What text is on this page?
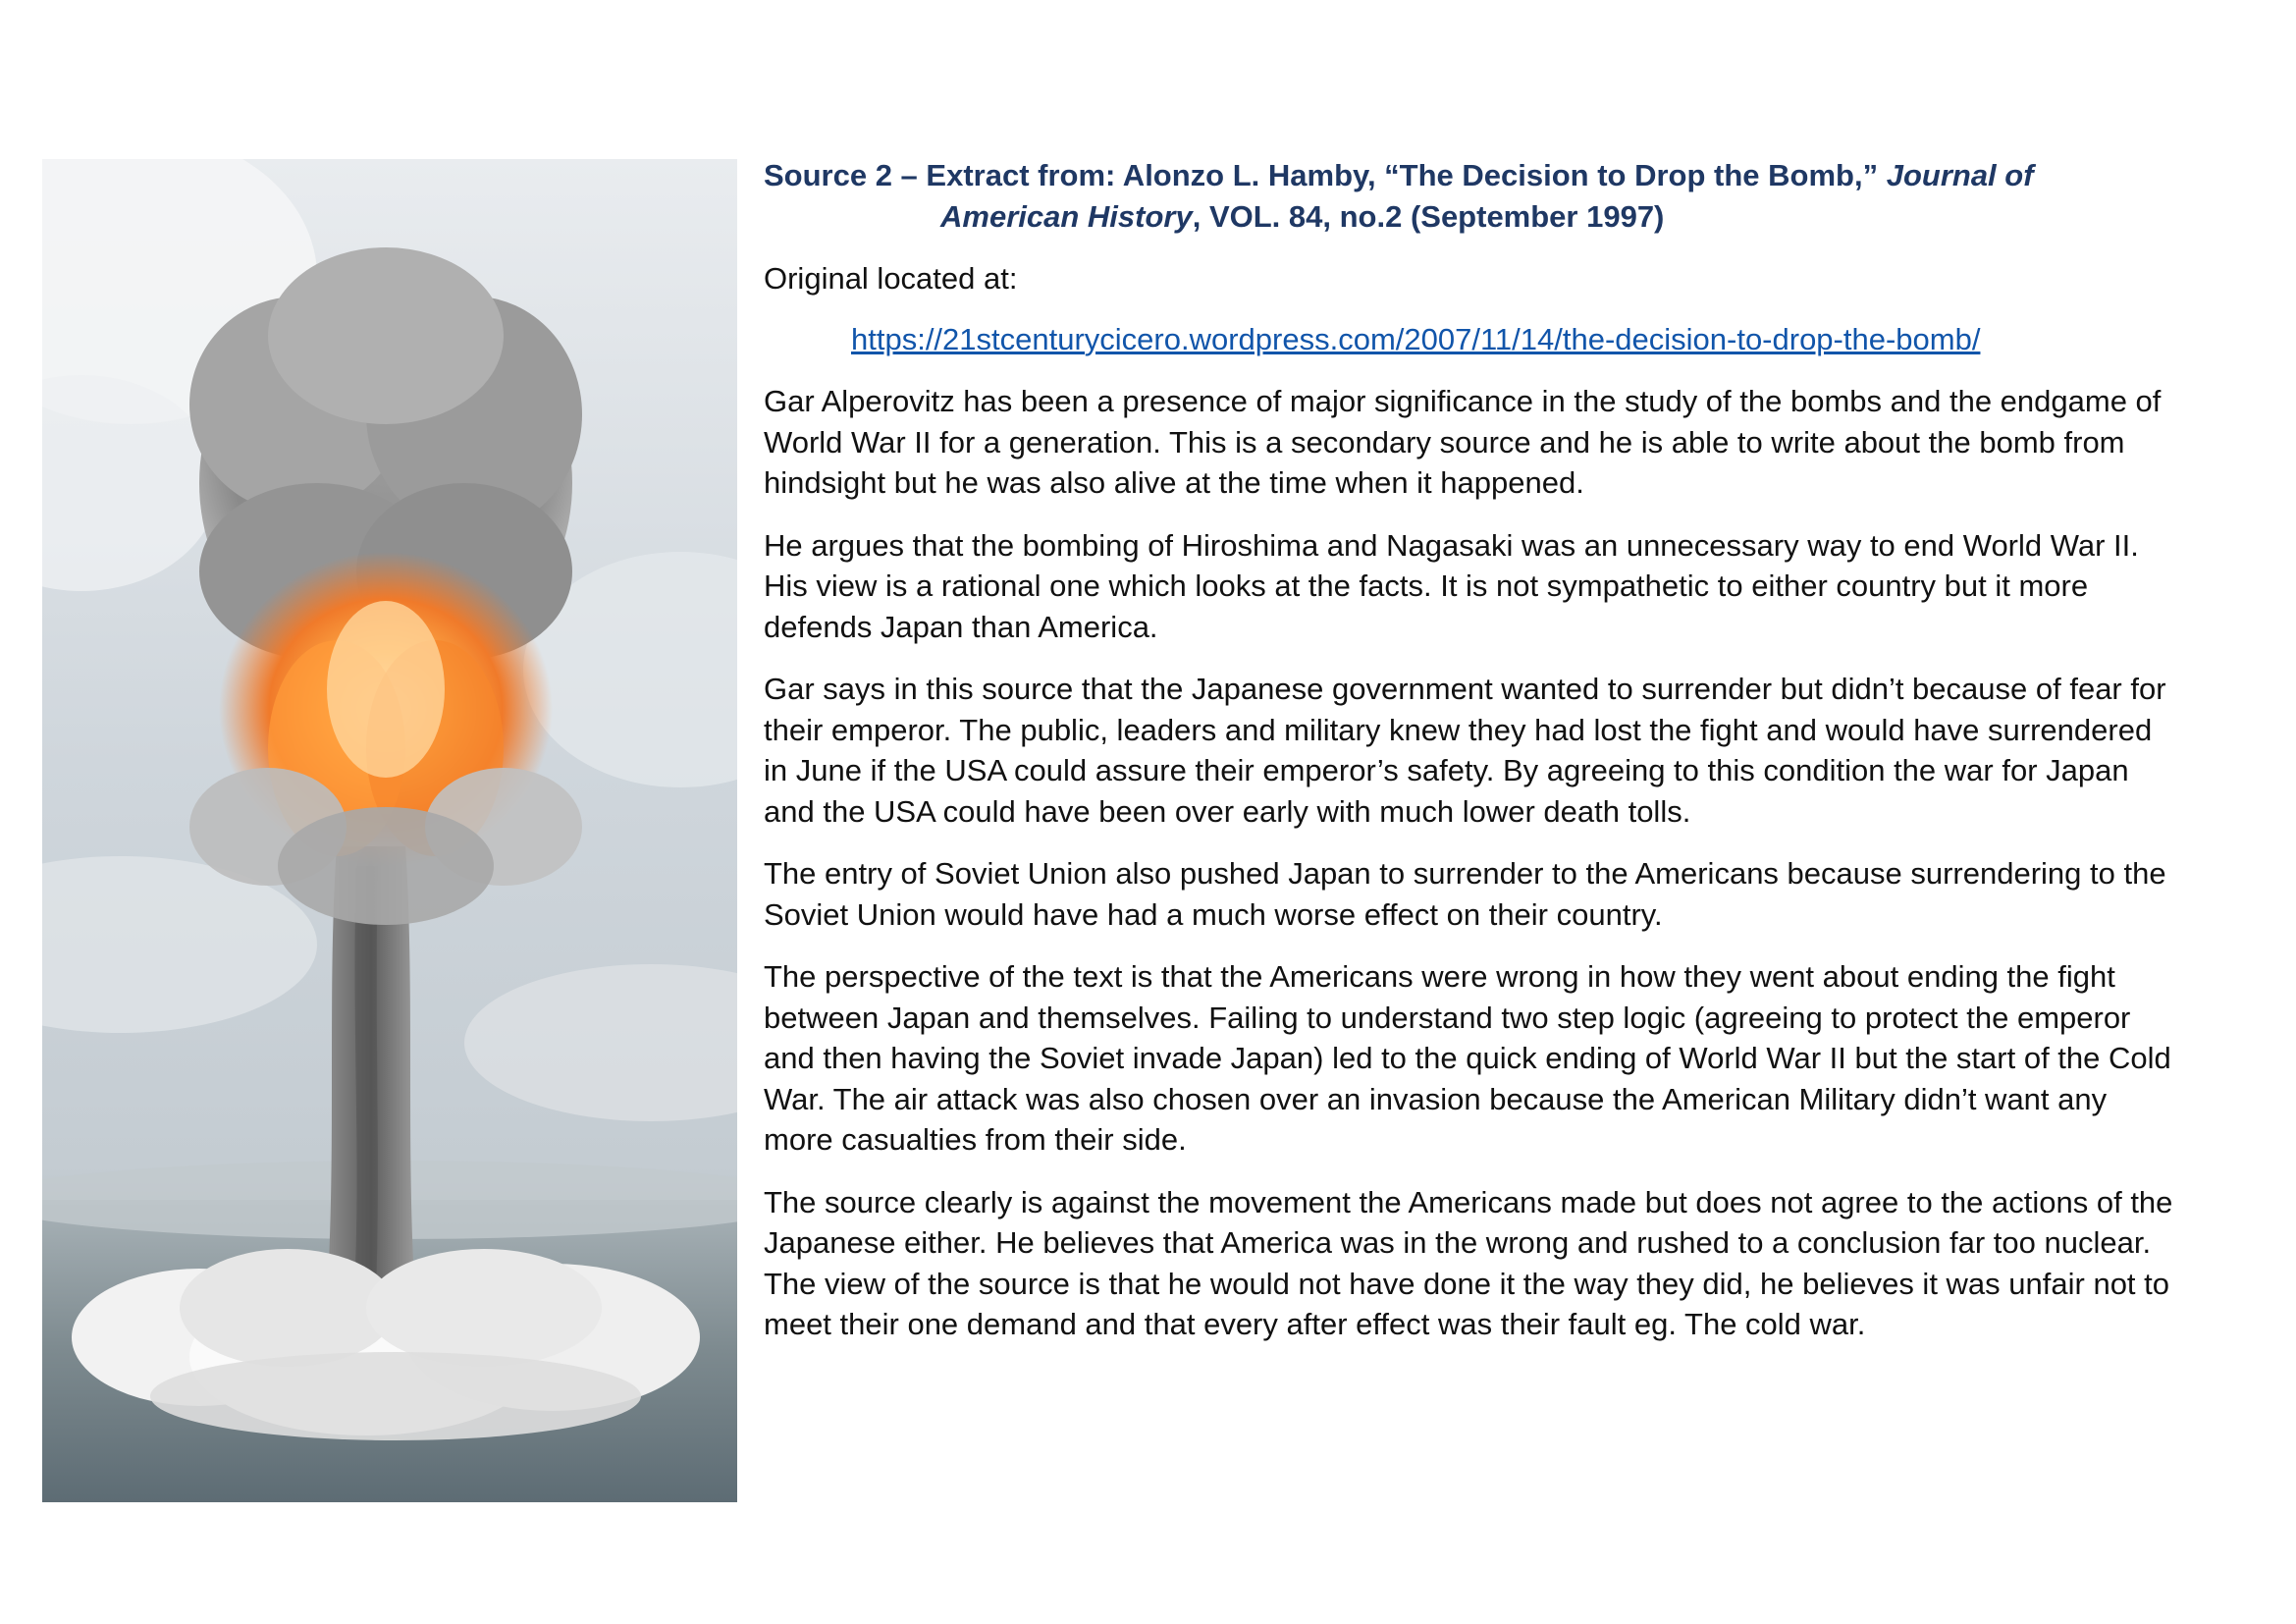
Source 2 – Extract from: Alonzo L. Hamby, “The Decision to Drop the Bomb,” Journal of American History, VOL. 84, no.2 (September 1997)

Original located at:

https://21stcenturycicero.wordpress.com/2007/11/14/the-decision-to-drop-the-bomb/

Gar Alperovitz has been a presence of major significance in the study of the bombs and the endgame of World War II for a generation. This is a secondary source and he is able to write about the bomb from hindsight but he was also alive at the time when it happened.

He argues that the bombing of Hiroshima and Nagasaki was an unnecessary way to end World War II. His view is a rational one which looks at the facts. It is not sympathetic to either country but it more defends Japan than America.

Gar says in this source that the Japanese government wanted to surrender but didn’t because of fear for their emperor. The public, leaders and military knew they had lost the fight and would have surrendered in June if the USA could assure their emperor’s safety. By agreeing to this condition the war for Japan and the USA could have been over early with much lower death tolls.

The entry of Soviet Union also pushed Japan to surrender to the Americans because surrendering to the Soviet Union would have had a much worse effect on their country.

The perspective of the text is that the Americans were wrong in how they went about ending the fight between Japan and themselves. Failing to understand two step logic (agreeing to protect the emperor and then having the Soviet invade Japan) led to the quick ending of World War II but the start of the Cold War. The air attack was also chosen over an invasion because the American Military didn’t want any more casualties from their side.

The source clearly is against the movement the Americans made but does not agree to the actions of the Japanese either. He believes that America was in the wrong and rushed to a conclusion far too nuclear. The view of the source is that he would not have done it the way they did, he believes it was unfair not to meet their one demand and that every after effect was their fault eg. The cold war.
